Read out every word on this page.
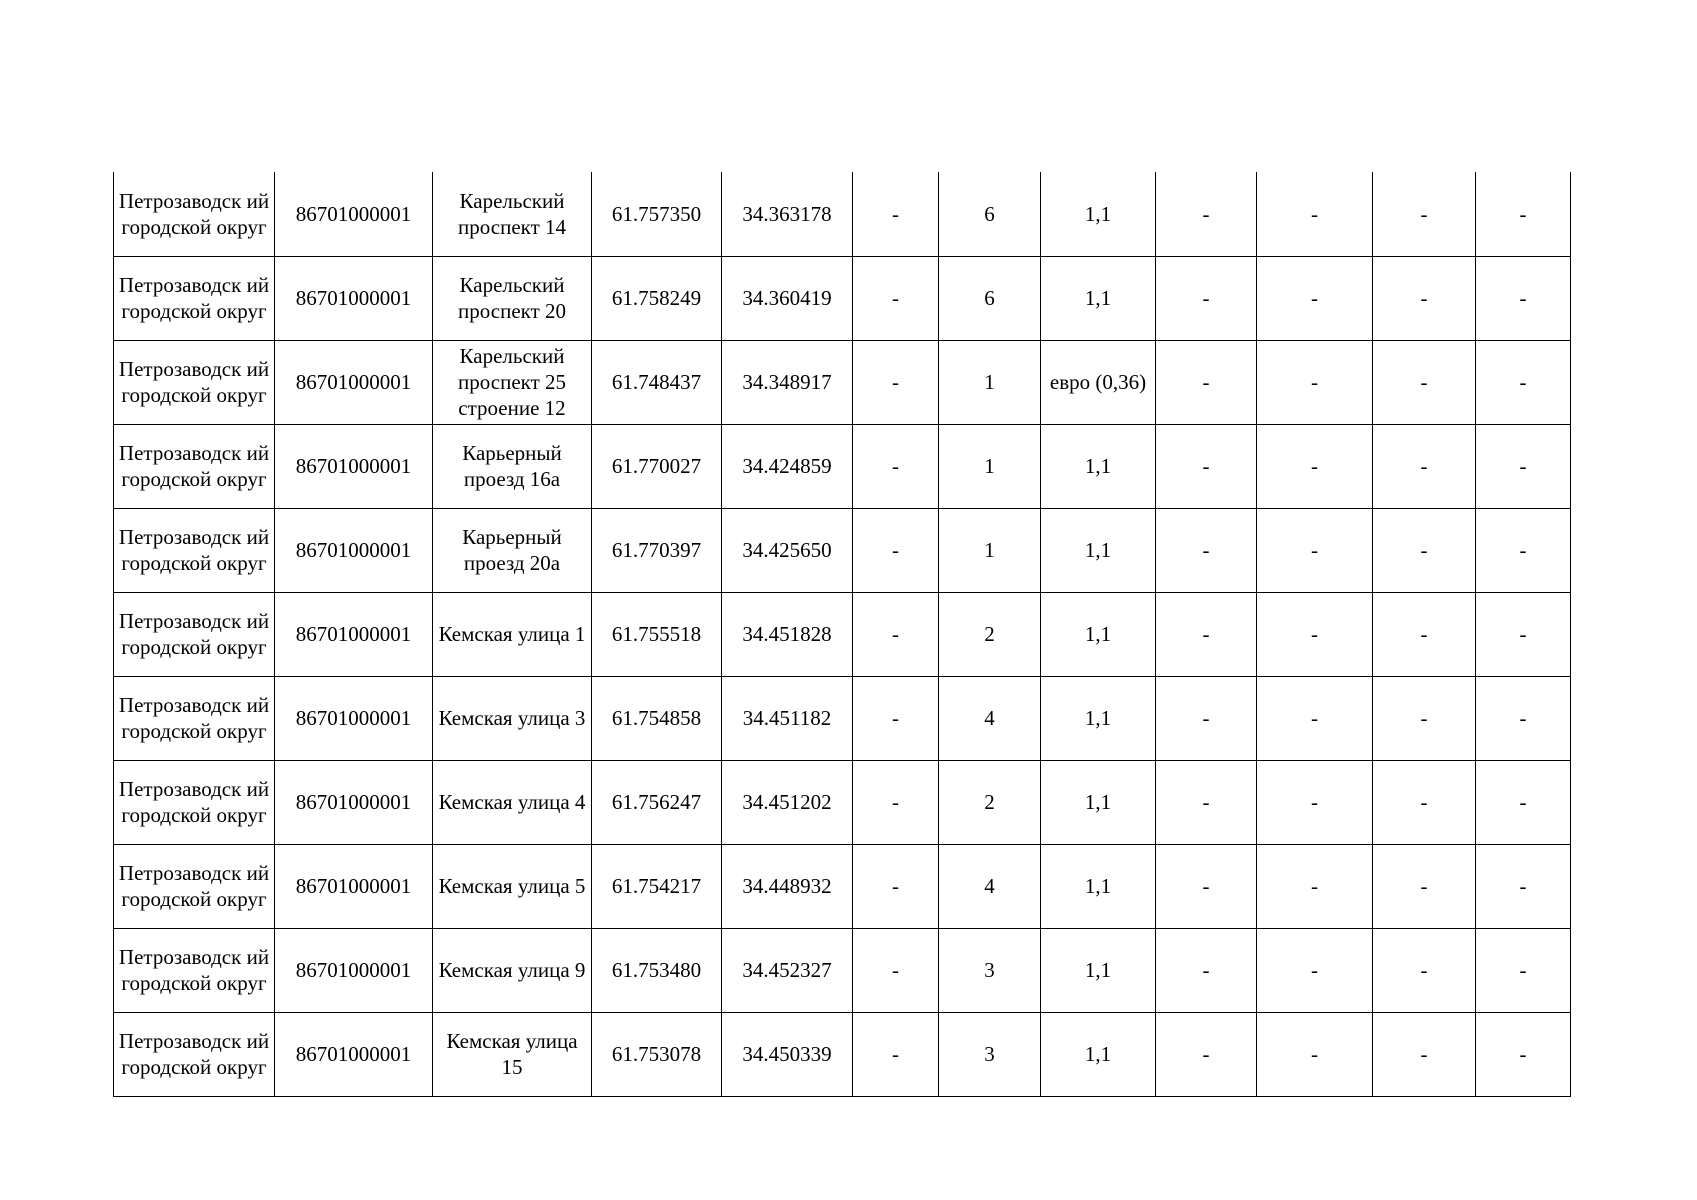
Петрозаводск ий городской округ	86701000001	Карельский проспект 14	61.757350	34.363178	-	6	1,1	-	-	-	-
Петрозаводск ий городской округ	86701000001	Карельский проспект 20	61.758249	34.360419	-	6	1,1	-	-	-	-
Петрозаводск ий городской округ	86701000001	Карельский проспект 25 строение 12	61.748437	34.348917	-	1	евро (0,36)	-	-	-	-
Петрозаводск ий городской округ	86701000001	Карьерный проезд 16а	61.770027	34.424859	-	1	1,1	-	-	-	-
Петрозаводск ий городской округ	86701000001	Карьерный проезд 20а	61.770397	34.425650	-	1	1,1	-	-	-	-
Петрозаводск ий городской округ	86701000001	Кемская улица 1	61.755518	34.451828	-	2	1,1	-	-	-	-
Петрозаводск ий городской округ	86701000001	Кемская улица 3	61.754858	34.451182	-	4	1,1	-	-	-	-
Петрозаводск ий городской округ	86701000001	Кемская улица 4	61.756247	34.451202	-	2	1,1	-	-	-	-
Петрозаводск ий городской округ	86701000001	Кемская улица 5	61.754217	34.448932	-	4	1,1	-	-	-	-
Петрозаводск ий городской округ	86701000001	Кемская улица 9	61.753480	34.452327	-	3	1,1	-	-	-	-
Петрозаводск ий городской округ	86701000001	Кемская улица 15	61.753078	34.450339	-	3	1,1	-	-	-	-
